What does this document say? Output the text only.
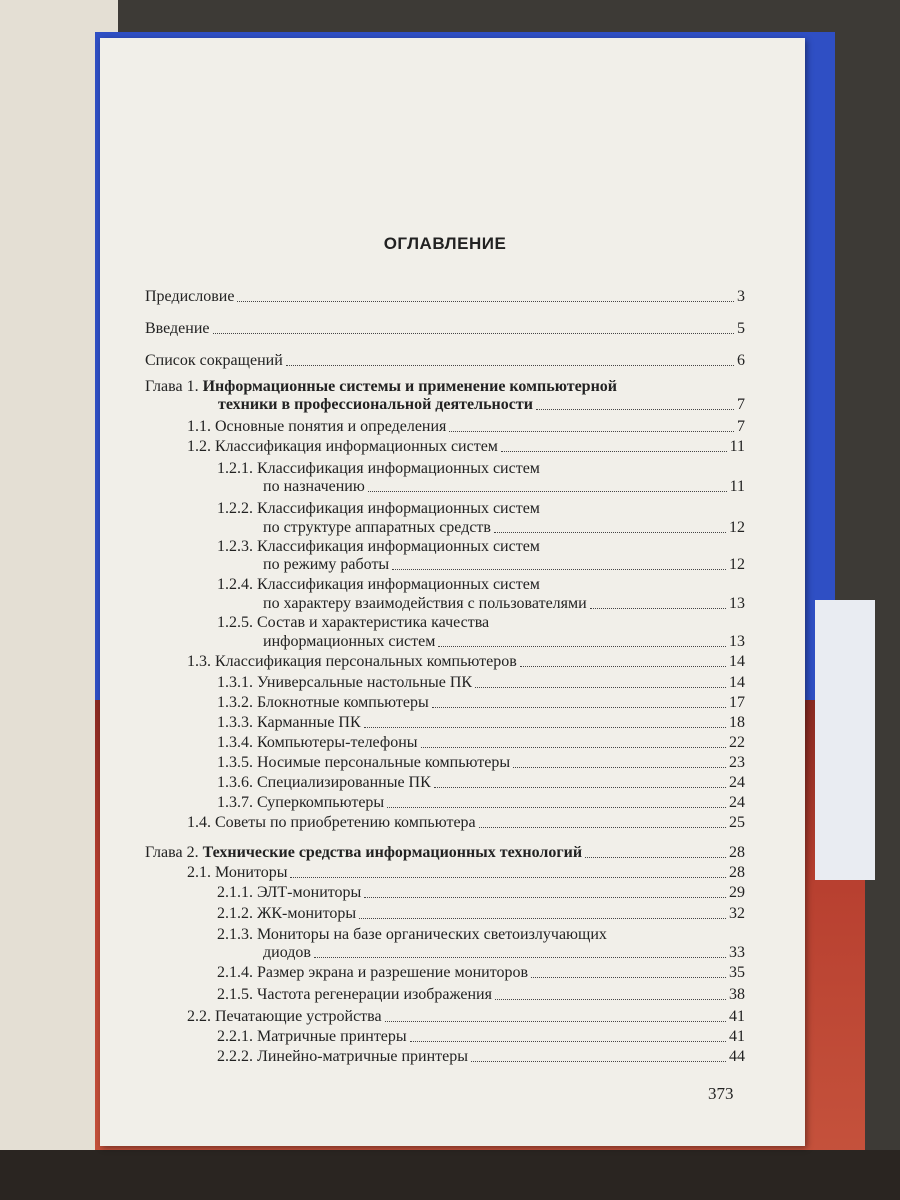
ОГЛАВЛЕНИЕ
Предисловие	3
Введение	5
Список сокращений	6
Глава 1. Информационные системы и применение компьютерной
техники в профессиональной деятельности	7
1.1. Основные понятия и определения	7
1.2. Классификация информационных систем	11
1.2.1. Классификация информационных систем
по назначению	11
1.2.2. Классификация информационных систем
по структуре аппаратных средств	12
1.2.3. Классификация информационных систем
по режиму работы	12
1.2.4. Классификация информационных систем
по характеру взаимодействия с пользователями	13
1.2.5. Состав и характеристика качества
информационных систем	13
1.3. Классификация персональных компьютеров	14
1.3.1. Универсальные настольные ПК	14
1.3.2. Блокнотные компьютеры	17
1.3.3. Карманные ПК	18
1.3.4. Компьютеры-телефоны	22
1.3.5. Носимые персональные компьютеры	23
1.3.6. Специализированные ПК	24
1.3.7. Суперкомпьютеры	24
1.4. Советы по приобретению компьютера	25
Глава 2. Технические средства информационных технологий	28
2.1. Мониторы	28
2.1.1. ЭЛТ-мониторы	29
2.1.2. ЖК-мониторы	32
2.1.3. Мониторы на базе органических светоизлучающих
диодов	33
2.1.4. Размер экрана и разрешение мониторов	35
2.1.5. Частота регенерации изображения	38
2.2. Печатающие устройства	41
2.2.1. Матричные принтеры	41
2.2.2. Линейно-матричные принтеры	44
373
